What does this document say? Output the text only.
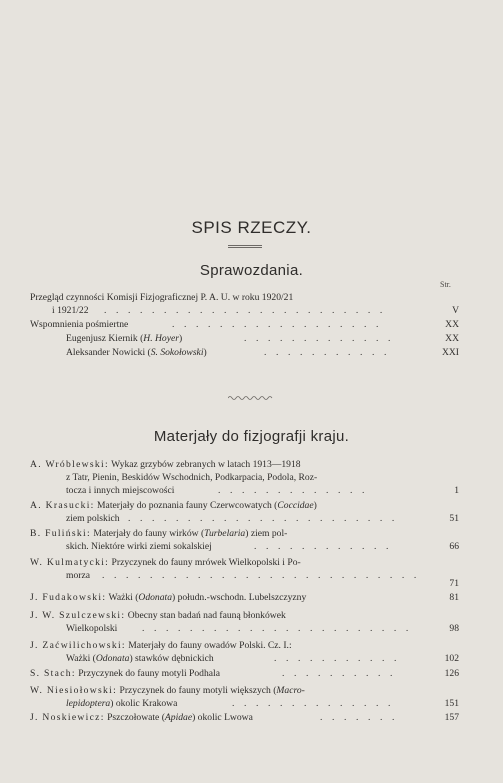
SPIS RZECZY.
Sprawozdania.
Str.
Przegląd czynności Komisji Fizjograficznej P. A. U. w roku 1920/21
i 1921/22 . . . . . . . . . . . . . . . . . . . . . . . .	V
Wspomnienia pośmiertne	. . . . . . . . . . . . . . . . . .	XX
Eugenjusz Kiernik (H. Hoyer)	. . . . . . . . . . . . .	XX
Aleksander Nowicki (S. Sokołowski)	. . . . . . . . . . .	XXI
Materjały do fizjografji kraju.
A. Wróblewski: Wykaz grzybów zebranych w latach 1913—1918
z Tatr, Pienin, Beskidów Wschodnich, Podkarpacia, Podola, Roz-
tocza i innych miejscowości	. . . . . . . . . . . . .	1
A. Krasucki: Materjały do poznania fauny Czerwcowatych (Coccidae)
ziem polskich . . . . . . . . . . . . . . . . . . . . . . .	51
B. Fuliński: Materjały do fauny wirków (Turbelaria) ziem pol-
skich. Niektóre wirki ziemi sokalskiej	. . . . . . . . . . . .	66
W. Kulmatycki: Przyczynek do fauny mrówek Wielkopolski i Po-
morza . . . . . . . . . . . . . . . . . . . . . . . . . . .
71
J. Fudakowski: Ważki (Odonata) połudn.-wschodn. Lubelszczyzny	81
J. W. Szulczewski: Obecny stan badań nad fauną błonkówek
Wielkopolski	. . . . . . . . . . . . . . . . . . . . . . .	98
J. Zaćwilichowski: Materjały do fauny owadów Polski. Cz. I.:
Ważki (Odonata) stawków dębnickich	. . . . . . . . . . .	102
S. Stach: Przyczynek do fauny motyli Podhala	. . . . . . . . . .	126
W. Niesiołowski: Przyczynek do fauny motyli większych (Macro-
lepidoptera) okolic Krakowa	. . . . . . . . . . . . . .	151
J. Noskiewicz: Pszczołowate (Apidae) okolic Lwowa	. . . . . . .	157
